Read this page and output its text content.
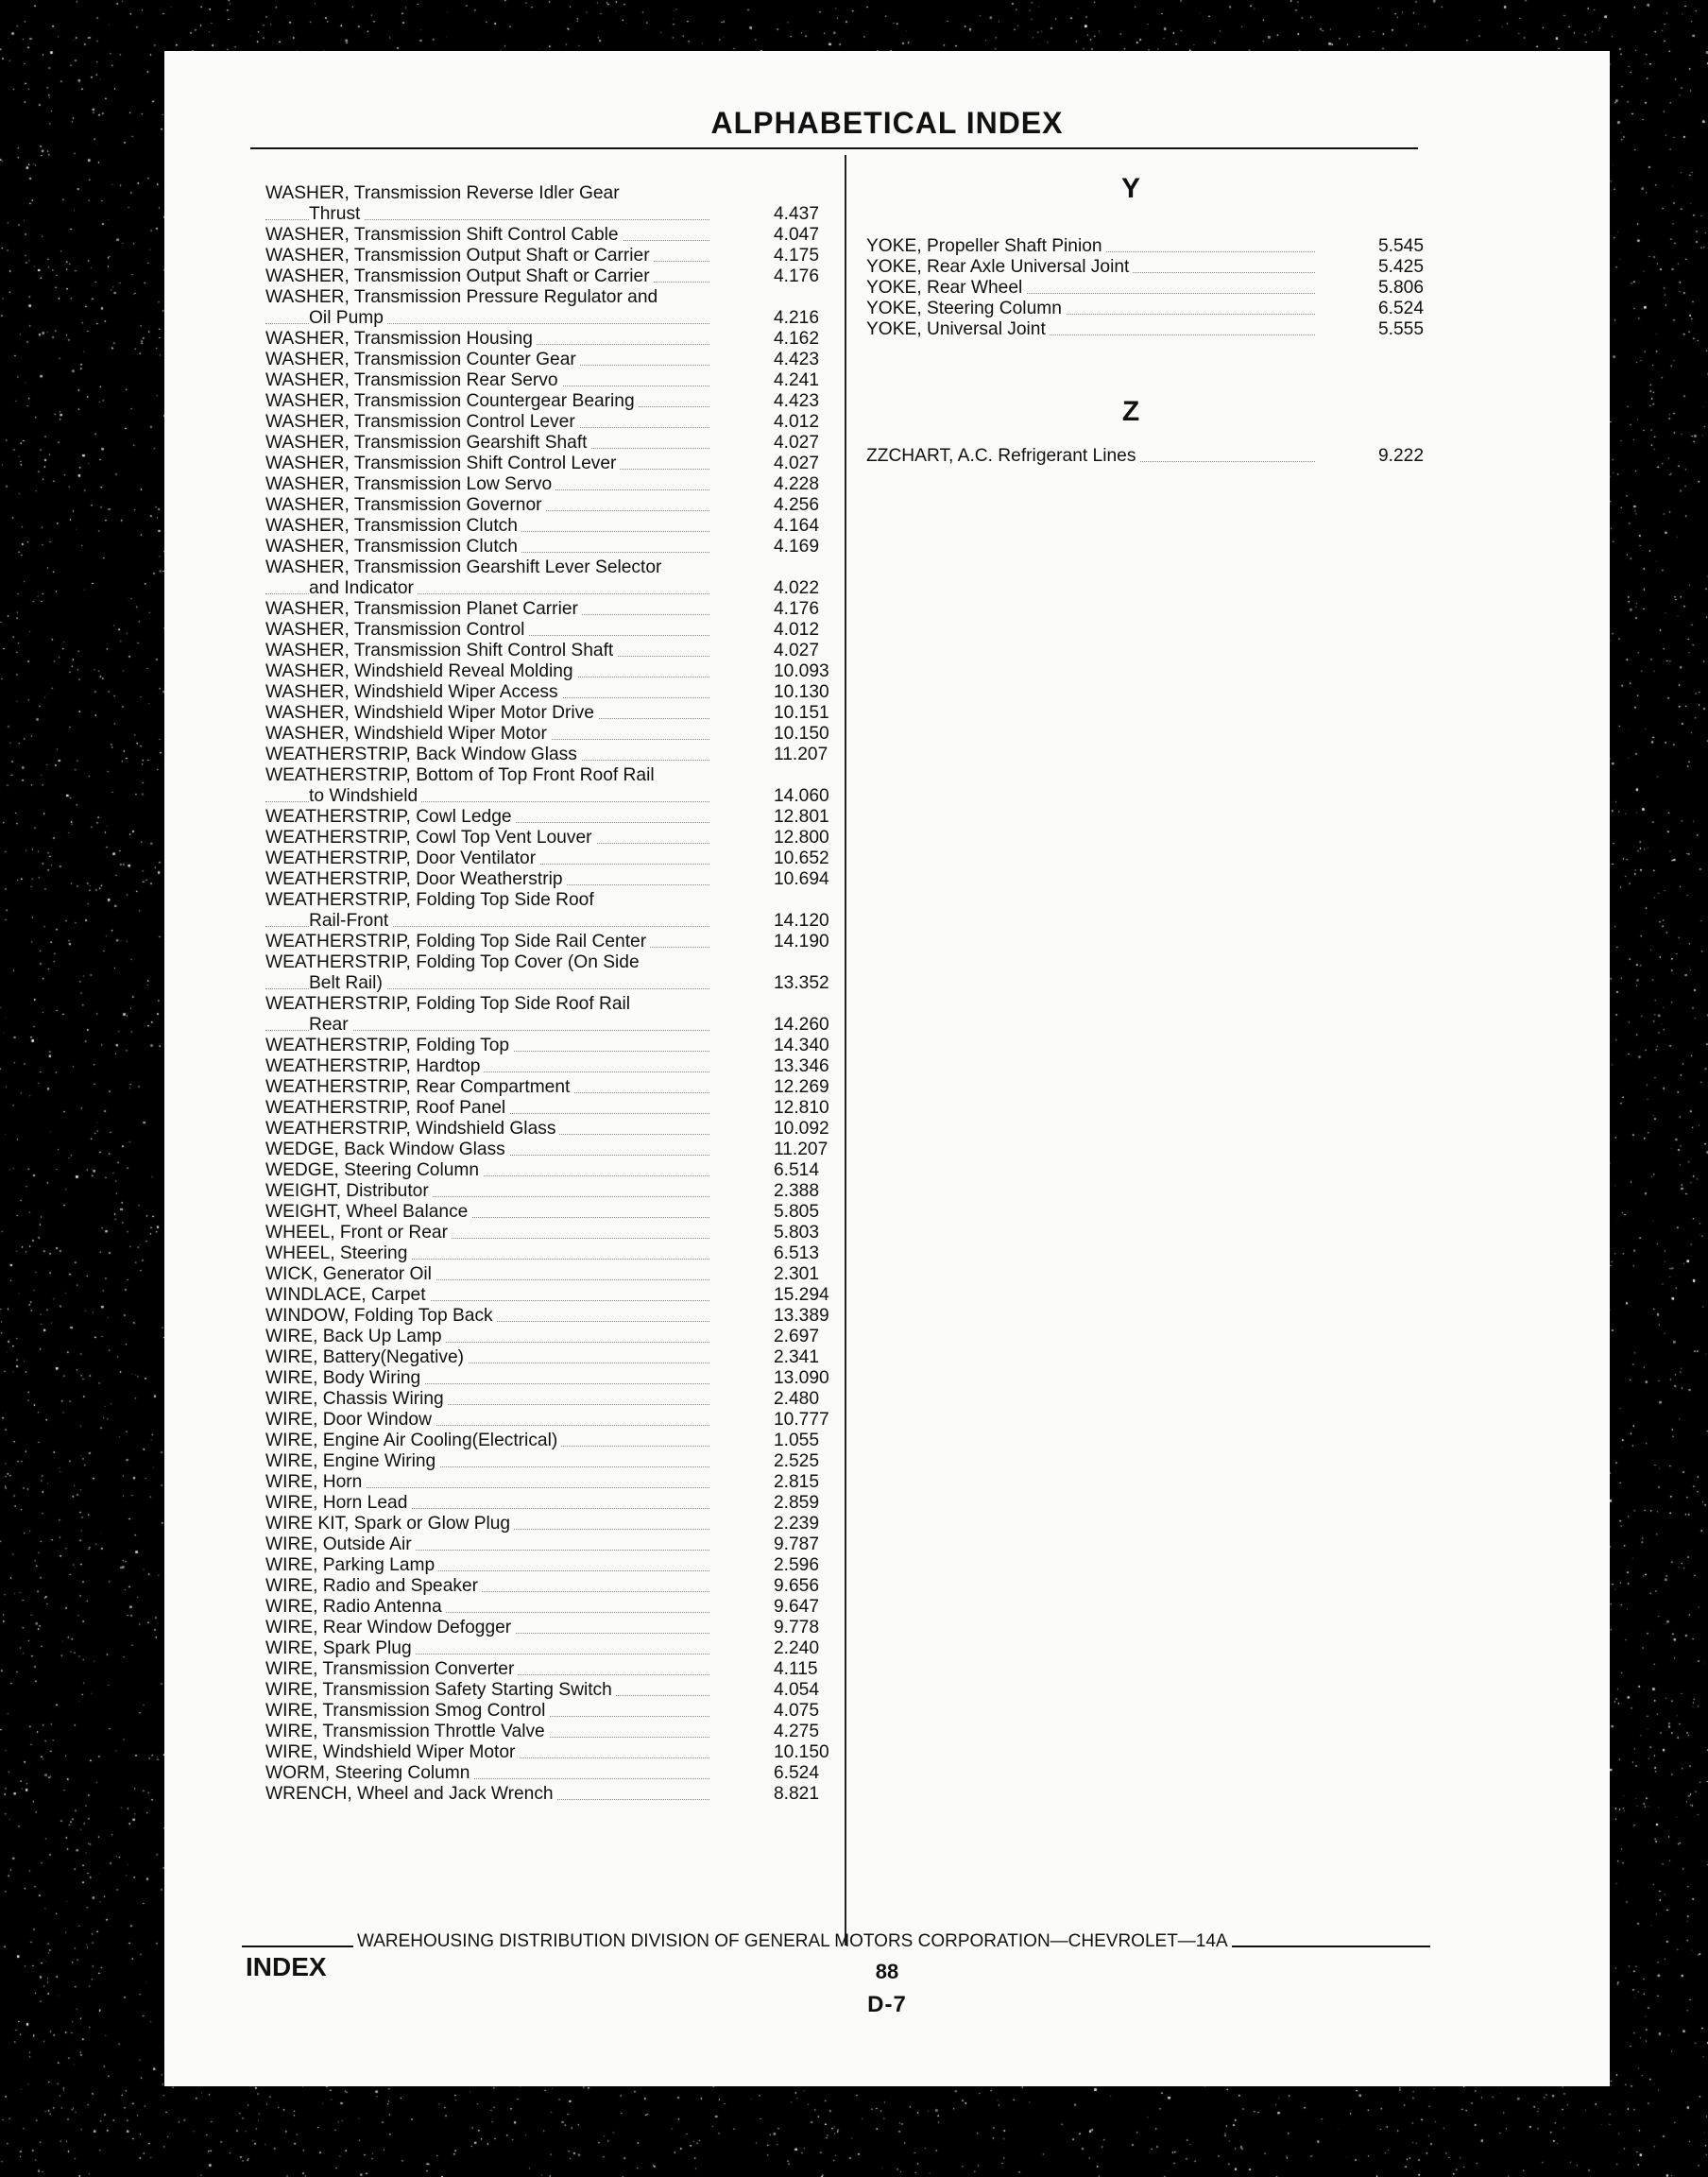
ALPHABETICAL INDEX
WASHER, Transmission Reverse Idler Gear
Thrust	4.437
WASHER, Transmission Shift Control Cable	4.047
WASHER, Transmission Output Shaft or Carrier	4.175
WASHER, Transmission Output Shaft or Carrier	4.176
WASHER, Transmission Pressure Regulator and
Oil Pump	4.216
WASHER, Transmission Housing	4.162
WASHER, Transmission Counter Gear	4.423
WASHER, Transmission Rear Servo	4.241
WASHER, Transmission Countergear Bearing	4.423
WASHER, Transmission Control Lever	4.012
WASHER, Transmission Gearshift Shaft	4.027
WASHER, Transmission Shift Control Lever	4.027
WASHER, Transmission Low Servo	4.228
WASHER, Transmission Governor	4.256
WASHER, Transmission Clutch	4.164
WASHER, Transmission Clutch	4.169
WASHER, Transmission Gearshift Lever Selector
and Indicator	4.022
WASHER, Transmission Planet Carrier	4.176
WASHER, Transmission Control	4.012
WASHER, Transmission Shift Control Shaft	4.027
WASHER, Windshield Reveal Molding	10.093
WASHER, Windshield Wiper Access	10.130
WASHER, Windshield Wiper Motor Drive	10.151
WASHER, Windshield Wiper Motor	10.150
WEATHERSTRIP, Back Window Glass	11.207
WEATHERSTRIP, Bottom of Top Front Roof Rail
to Windshield	14.060
WEATHERSTRIP, Cowl Ledge	12.801
WEATHERSTRIP, Cowl Top Vent Louver	12.800
WEATHERSTRIP, Door Ventilator	10.652
WEATHERSTRIP, Door Weatherstrip	10.694
WEATHERSTRIP, Folding Top Side Roof
Rail-Front	14.120
WEATHERSTRIP, Folding Top Side Rail Center	14.190
WEATHERSTRIP, Folding Top Cover (On Side
Belt Rail)	13.352
WEATHERSTRIP, Folding Top Side Roof Rail
Rear	14.260
WEATHERSTRIP, Folding Top	14.340
WEATHERSTRIP, Hardtop	13.346
WEATHERSTRIP, Rear Compartment	12.269
WEATHERSTRIP, Roof Panel	12.810
WEATHERSTRIP, Windshield Glass	10.092
WEDGE, Back Window Glass	11.207
WEDGE, Steering Column	6.514
WEIGHT, Distributor	2.388
WEIGHT, Wheel Balance	5.805
WHEEL, Front or Rear	5.803
WHEEL, Steering	6.513
WICK, Generator Oil	2.301
WINDLACE, Carpet	15.294
WINDOW, Folding Top Back	13.389
WIRE, Back Up Lamp	2.697
WIRE, Battery(Negative)	2.341
WIRE, Body Wiring	13.090
WIRE, Chassis Wiring	2.480
WIRE, Door Window	10.777
WIRE, Engine Air Cooling(Electrical)	1.055
WIRE, Engine Wiring	2.525
WIRE, Horn	2.815
WIRE, Horn Lead	2.859
WIRE KIT, Spark or Glow Plug	2.239
WIRE, Outside Air	9.787
WIRE, Parking Lamp	2.596
WIRE, Radio and Speaker	9.656
WIRE, Radio Antenna	9.647
WIRE, Rear Window Defogger	9.778
WIRE, Spark Plug	2.240
WIRE, Transmission Converter	4.115
WIRE, Transmission Safety Starting Switch	4.054
WIRE, Transmission Smog Control	4.075
WIRE, Transmission Throttle Valve	4.275
WIRE, Windshield Wiper Motor	10.150
WORM, Steering Column	6.524
WRENCH, Wheel and Jack Wrench	8.821
Y
YOKE, Propeller Shaft Pinion	5.545
YOKE, Rear Axle Universal Joint	5.425
YOKE, Rear Wheel	5.806
YOKE, Steering Column	6.524
YOKE, Universal Joint	5.555
Z
ZZCHART, A.C. Refrigerant Lines	9.222
WAREHOUSING DISTRIBUTION DIVISION OF GENERAL MOTORS CORPORATION—CHEVROLET—14A
INDEX	88
D-7
